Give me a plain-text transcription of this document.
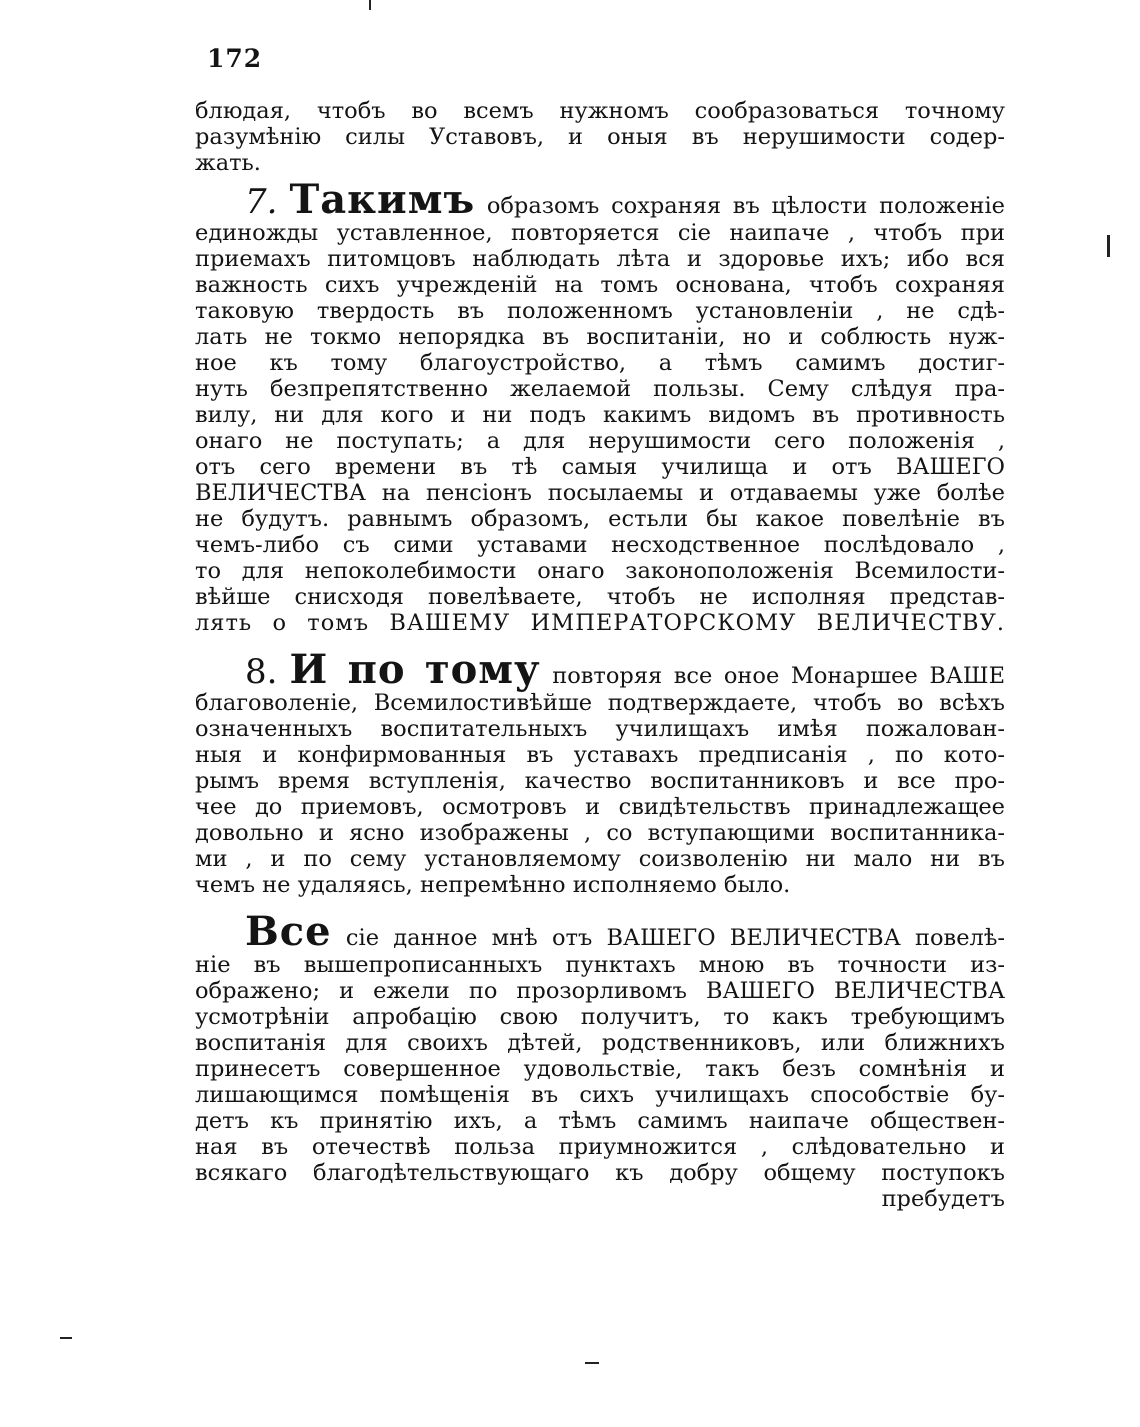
172
блюдая, чтобъ во всемъ нужномъ сообразоваться точному
разумѣнію силы Уставовъ, и оныя въ нерушимости содер-
жать.
7. Такимъ образомъ сохраняя въ цѣлости положеніе
единожды уставленное, повторяется сіе наипаче , чтобъ при
приемахъ питомцовъ наблюдать лѣта и здоровье ихъ; ибо вся
важность сихъ учрежденій на томъ основана, чтобъ сохраняя
таковую твердость въ положенномъ установленіи , не сдѣ-
лать не токмо непорядка въ воспитаніи, но и соблюсть нуж-
ное къ тому благоустройство, а тѣмъ самимъ достиг-
нуть безпрепятственно желаемой пользы. Сему слѣдуя пра-
вилу, ни для кого и ни подъ какимъ видомъ въ противность
онаго не поступать; а для нерушимости сего положенія ,
отъ сего времени въ тѣ самыя училища и отъ ВАШЕГО
ВЕЛИЧЕСТВА на пенсіонъ посылаемы и отдаваемы уже болѣе
не будутъ. равнымъ образомъ, естьли бы какое повелѣніе въ
чемъ-либо съ сими уставами несходственное послѣдовало ,
то для непоколебимости онаго законоположенія Всемилости-
вѣйше снисходя повелѣваете, чтобъ не исполняя представ-
лять о томъ ВАШЕМУ ИМПЕРАТОРСКОМУ ВЕЛИЧЕСТВУ.
8. И по тому повторяя все оное Монаршее ВАШЕ
благоволеніе, Всемилостивѣйше подтверждаете, чтобъ во всѣхъ
означенныхъ воспитательныхъ училищахъ имѣя пожалован-
ныя и конфирмованныя въ уставахъ предписанія , по кото-
рымъ время вступленія, качество воспитанниковъ и все про-
чее до приемовъ, осмотровъ и свидѣтельствъ принадлежащее
довольно и ясно изображены , со вступающими воспитанника-
ми , и по сему установляемому соизволенію ни мало ни въ
чемъ не удаляясь, непремѣнно исполняемо было.
Все сіе данное мнѣ отъ ВАШЕГО ВЕЛИЧЕСТВА повелѣ-
ніе въ вышепрописанныхъ пунктахъ мною въ точности из-
ображено; и ежели по прозорливомъ ВАШЕГО ВЕЛИЧЕСТВА
усмотрѣніи апробацію свою получитъ, то какъ требующимъ
воспитанія для своихъ дѣтей, родственниковъ, или ближнихъ
принесетъ совершенное удовольствіе, такъ безъ сомнѣнія и
лишающимся помѣщенія въ сихъ училищахъ способствіе бу-
детъ къ принятію ихъ, а тѣмъ самимъ наипаче обществен-
ная въ отечествѣ польза приумножится , слѣдовательно и
всякаго благодѣтельствующаго къ добру общему поступокъ
пребудетъ
